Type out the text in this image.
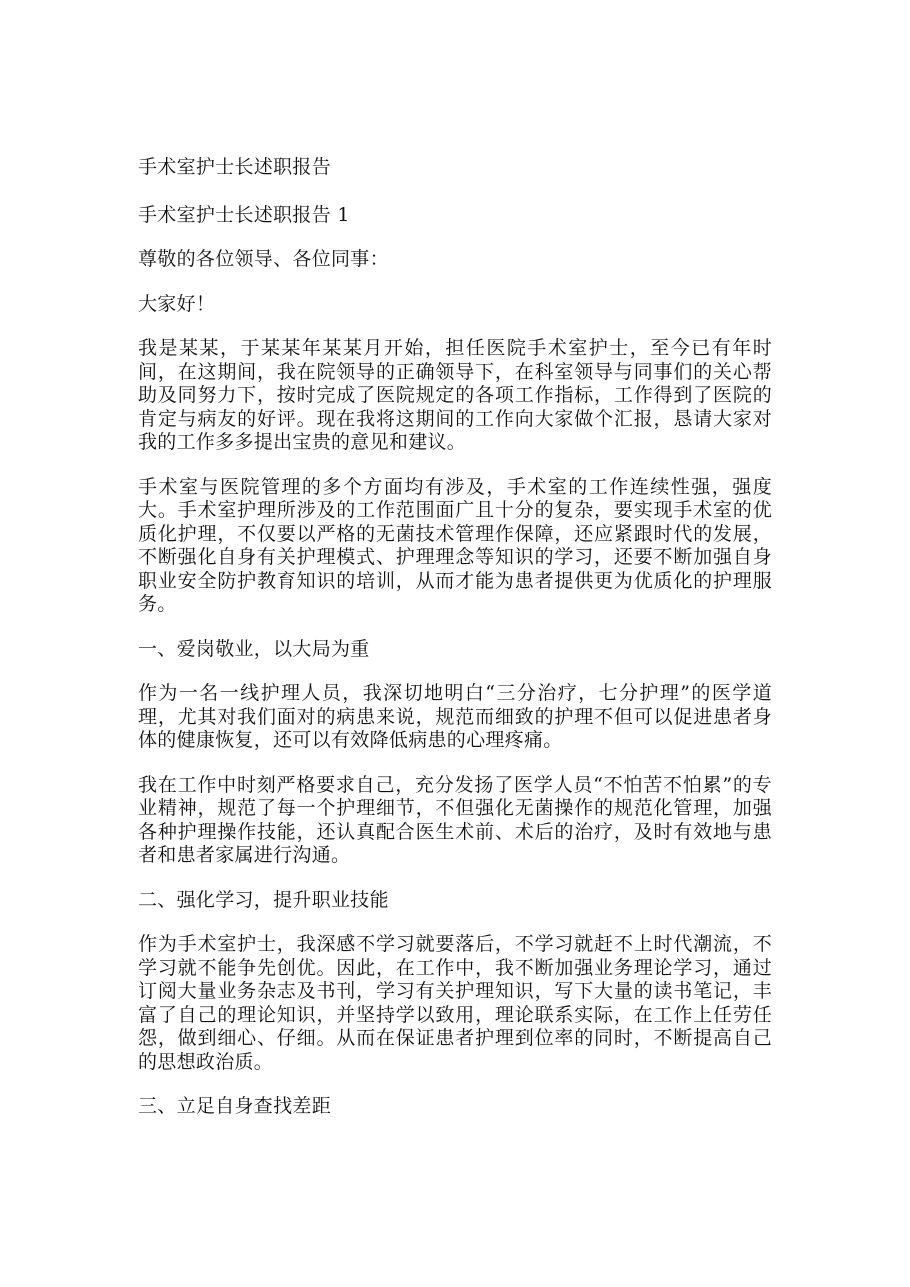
手术室护士长述职报告

手术室护士长述职报告 1

尊敬的各位领导、各位同事：

大家好！

我是某某，于某某年某某月开始，担任医院手术室护士，至今已有年时间，在这期间，我在院领导的正确领导下，在科室领导与同事们的关心帮助及同努力下，按时完成了医院规定的各项工作指标，工作得到了医院的肯定与病友的好评。现在我将这期间的工作向大家做个汇报，恳请大家对我的工作多多提出宝贵的意见和建议。

手术室与医院管理的多个方面均有涉及，手术室的工作连续性强，强度大。手术室护理所涉及的工作范围面广且十分的复杂，要实现手术室的优质化护理，不仅要以严格的无菌技术管理作保障，还应紧跟时代的发展，不断强化自身有关护理模式、护理理念等知识的学习，还要不断加强自身职业安全防护教育知识的培训，从而才能为患者提供更为优质化的护理服务。

一、爱岗敬业，以大局为重

作为一名一线护理人员，我深切地明白“三分治疗，七分护理”的医学道理，尤其对我们面对的病患来说，规范而细致的护理不但可以促进患者身体的健康恢复，还可以有效降低病患的心理疼痛。

我在工作中时刻严格要求自己，充分发扬了医学人员“不怕苦不怕累”的专业精神，规范了每一个护理细节，不但强化无菌操作的规范化管理，加强各种护理操作技能，还认真配合医生术前、术后的治疗，及时有效地与患者和患者家属进行沟通。

二、强化学习，提升职业技能

作为手术室护士，我深感不学习就要落后，不学习就赶不上时代潮流，不学习就不能争先创优。因此，在工作中，我不断加强业务理论学习，通过订阅大量业务杂志及书刊，学习有关护理知识，写下大量的读书笔记，丰富了自己的理论知识，并坚持学以致用，理论联系实际，在工作上任劳任怨，做到细心、仔细。从而在保证患者护理到位率的同时，不断提高自己的思想政治质。

三、立足自身查找差距
